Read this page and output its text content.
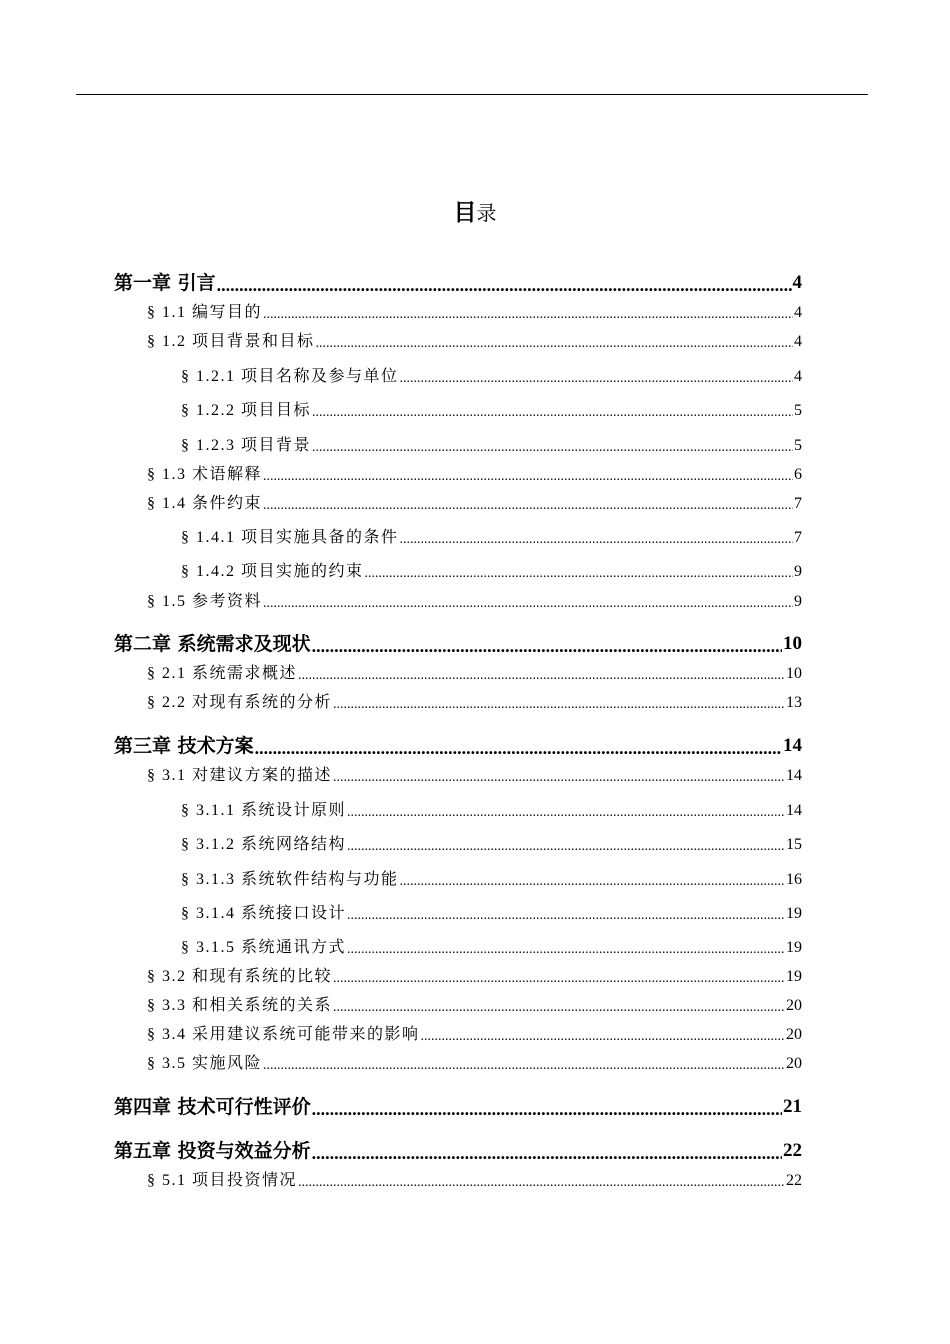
目录
第一章 引言 .....	4
§ 1.1 编写目的 .....	4
§ 1.2 项目背景和目标 .....	4
§ 1.2.1 项目名称及参与单位 .....	4
§ 1.2.2 项目目标 .....	5
§ 1.2.3 项目背景 .....	5
§ 1.3 术语解释 .....	6
§ 1.4 条件约束 .....	7
§ 1.4.1 项目实施具备的条件 .....	7
§ 1.4.2 项目实施的约束 .....	9
§ 1.5 参考资料 .....	9
第二章 系统需求及现状 .....	10
§ 2.1 系统需求概述 .....	10
§ 2.2 对现有系统的分析 .....	13
第三章 技术方案 .....	14
§ 3.1 对建议方案的描述 .....	14
§ 3.1.1 系统设计原则 .....	14
§ 3.1.2 系统网络结构 .....	15
§ 3.1.3 系统软件结构与功能 .....	16
§ 3.1.4 系统接口设计 .....	19
§ 3.1.5 系统通讯方式 .....	19
§ 3.2 和现有系统的比较 .....	19
§ 3.3 和相关系统的关系 .....	20
§ 3.4 采用建议系统可能带来的影响 .....	20
§ 3.5 实施风险 .....	20
第四章 技术可行性评价 .....	21
第五章 投资与效益分析 .....	22
§ 5.1 项目投资情况 .....	22
